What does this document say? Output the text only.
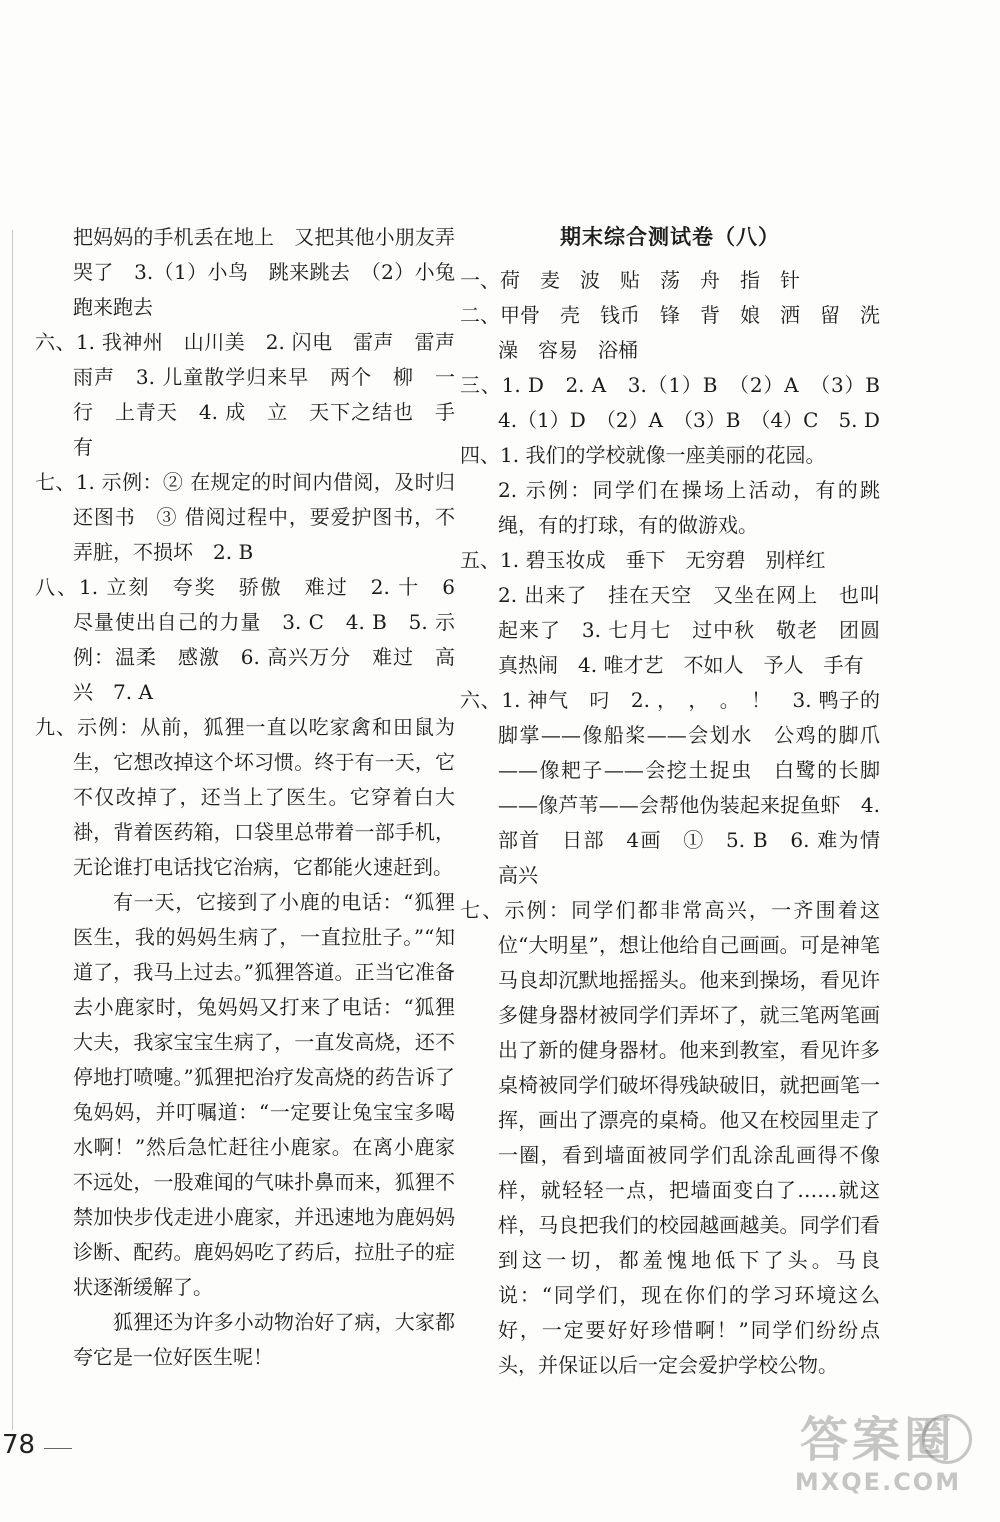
把妈妈的手机丢在地上　又把其他小朋友弄哭了　3.（1）小鸟　跳来跳去　（2）小兔跑来跑去

六、1. 我神州　山川美　2. 闪电　雷声　雷声　雨声　3. 儿童散学归来早　两个　柳　一行　上青天　4. 成　立　天下之结也　手有

七、1. 示例：② 在规定的时间内借阅，及时归还图书　③ 借阅过程中，要爱护图书，不弄脏，不损坏　2. B

八、1. 立刻　夸奖　骄傲　难过　2. 十　6　尽量使出自己的力量　3. C　4. B　5. 示例：温柔　感激　6. 高兴万分　难过　高兴　7. A

九、示例：从前，狐狸一直以吃家禽和田鼠为生，它想改掉这个坏习惯。终于有一天，它不仅改掉了，还当上了医生。它穿着白大褂，背着医药箱，口袋里总带着一部手机，无论谁打电话找它治病，它都能火速赶到。

有一天，它接到了小鹿的电话：“狐狸医生，我的妈妈生病了，一直拉肚子。”“知道了，我马上过去。”狐狸答道。正当它准备去小鹿家时，兔妈妈又打来了电话：“狐狸大夫，我家宝宝生病了，一直发高烧，还不停地打喷嚏。”狐狸把治疗发高烧的药告诉了兔妈妈，并叮嘱道：“一定要让兔宝宝多喝水啊！”然后急忙赶往小鹿家。在离小鹿家不远处，一股难闻的气味扑鼻而来，狐狸不禁加快步伐走进小鹿家，并迅速地为鹿妈妈诊断、配药。鹿妈妈吃了药后，拉肚子的症状逐渐缓解了。

狐狸还为许多小动物治好了病，大家都夸它是一位好医生呢！

期末综合测试卷（八）

一、荷　麦　波　贴　荡　舟　指　针

二、甲骨　壳　钱币　锋　背　娘　洒　留　洗澡　容易　浴桶

三、1. D　2. A　3.（1）B　（2）A　（3）B　4.（1）D　（2）A　（3）B　（4）C　5. D

四、1. 我们的学校就像一座美丽的花园。

2. 示例：同学们在操场上活动，有的跳绳，有的打球，有的做游戏。

五、1. 碧玉妆成　垂下　无穷碧　别样红

2. 出来了　挂在天空　又坐在网上　也叫起来了　3. 七月七　过中秋　敬老　团圆　真热闹　4. 唯才艺　不如人　予人　手有

六、1. 神气　叼　2. ，　，　。　！　3. 鸭子的脚掌——像船桨——会划水　公鸡的脚爪——像耙子——会挖土捉虫　白鹭的长脚——像芦苇——会帮他伪装起来捉鱼虾　4. 部首　日部　4画　①　5. B　6. 难为情　高兴

七、示例：同学们都非常高兴，一齐围着这位“大明星”，想让他给自己画画。可是神笔马良却沉默地摇摇头。他来到操场，看见许多健身器材被同学们弄坏了，就三笔两笔画出了新的健身器材。他来到教室，看见许多桌椅被同学们破坏得残缺破旧，就把画笔一挥，画出了漂亮的桌椅。他又在校园里走了一圈，看到墙面被同学们乱涂乱画得不像样，就轻轻一点，把墙面变白了……就这样，马良把我们的校园越画越美。同学们看到这一切，都羞愧地低下了头。马良说：“同学们，现在你们的学习环境这么好，一定要好好珍惜啊！”同学们纷纷点头，并保证以后一定会爱护学校公物。

78	答案圈
MXQE.COM
